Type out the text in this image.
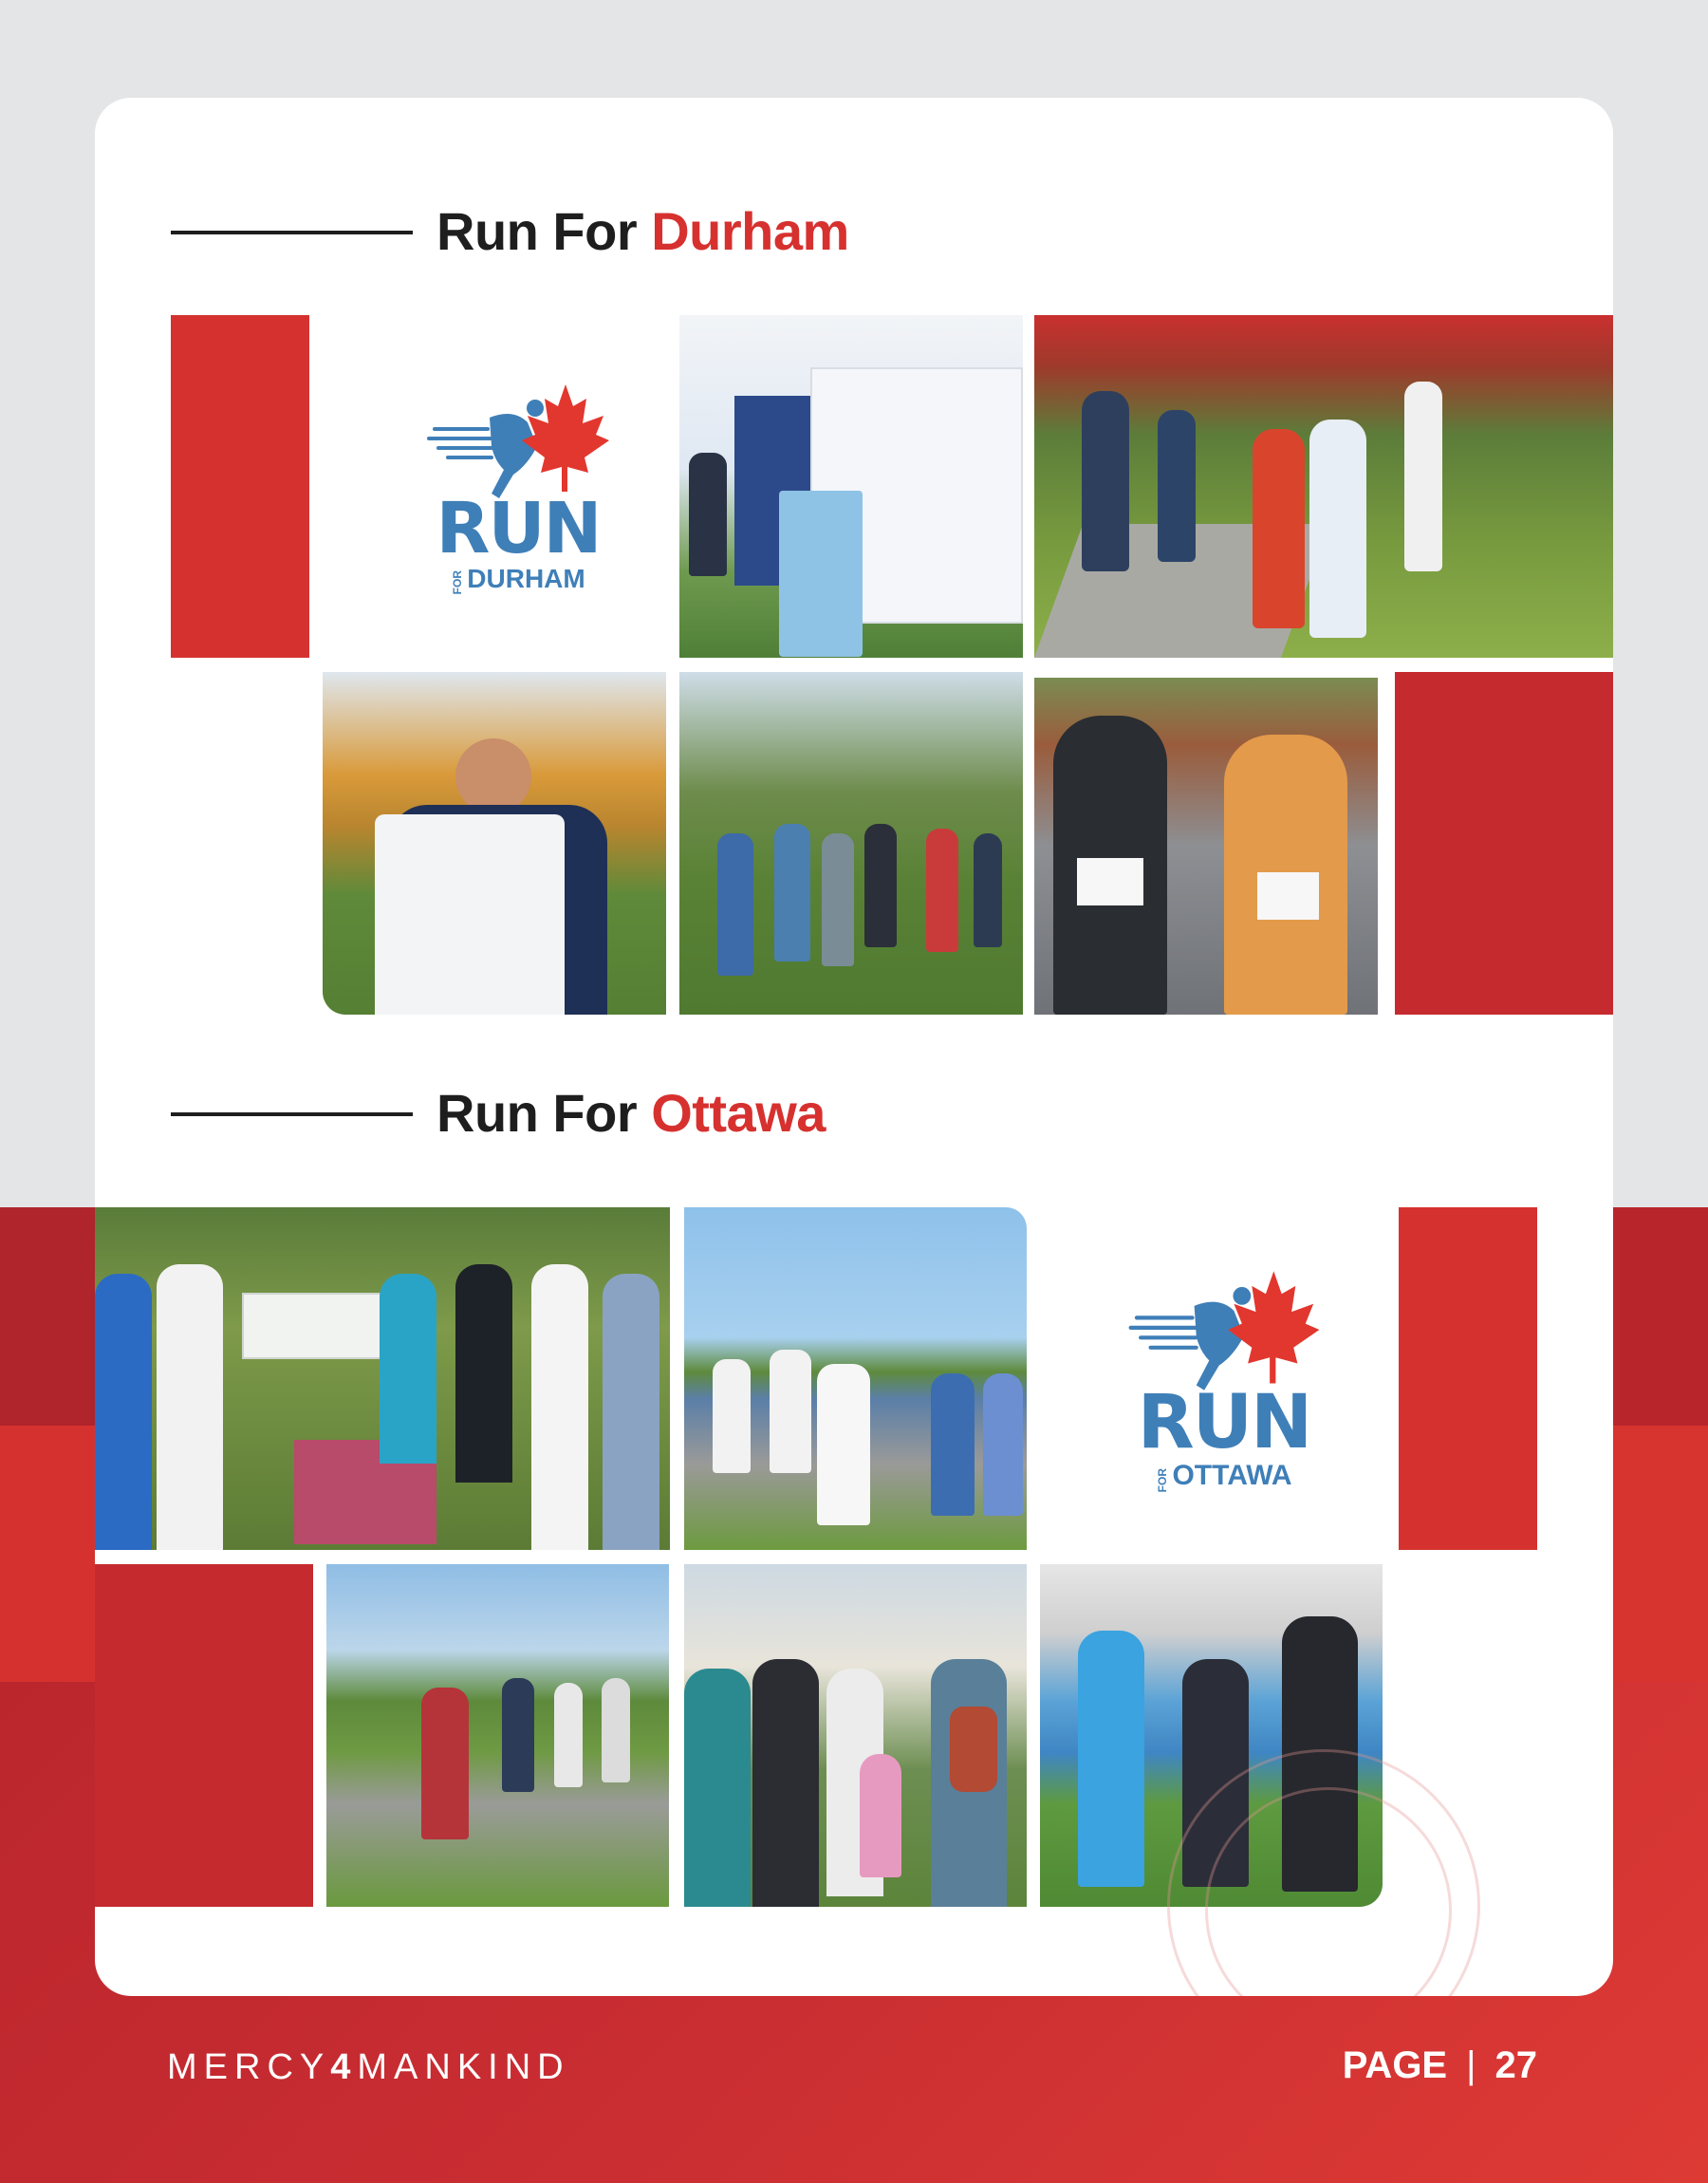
Run For Durham
RUN
FOR DURHAM
Run For Ottawa
RUN
FOR OTTAWA
MERCY4MANKIND	PAGE | 27
